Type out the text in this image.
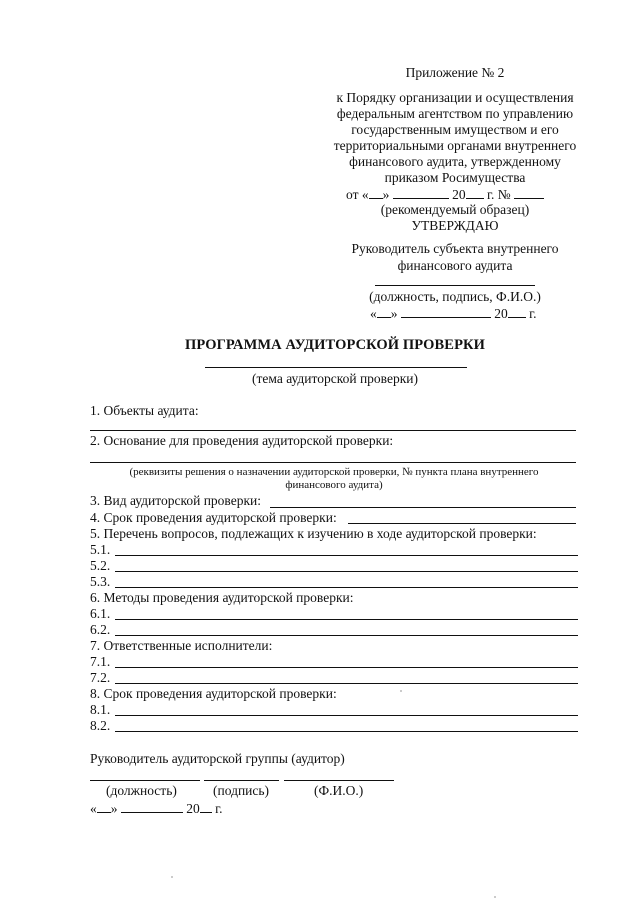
Приложение № 2
к Порядку организации и осуществления
федеральным агентством по управлению
государственным имуществом и его
территориальными органами внутреннего
финансового аудита, утвержденному
приказом Росимущества
от « »	20 г. №
(рекомендуемый образец)
УТВЕРЖДАЮ
Руководитель субъекта внутреннего
финансового аудита
(должность, подпись, Ф.И.О.)
« »	20 г.
ПРОГРАММА АУДИТОРСКОЙ ПРОВЕРКИ
(тема аудиторской проверки)
1. Объекты аудита:
2. Основание для проведения аудиторской проверки:
(реквизиты решения о назначении аудиторской проверки, № пункта плана внутреннего
финансового аудита)
3. Вид аудиторской проверки:
4. Срок проведения аудиторской проверки:
5. Перечень вопросов, подлежащих к изучению в ходе аудиторской проверки:
5.1.
5.2.
5.3.
6. Методы проведения аудиторской проверки:
6.1.
6.2.
7. Ответственные исполнители:
7.1.
7.2.
8. Срок проведения аудиторской проверки:
8.1.
8.2.
Руководитель аудиторской группы (аудитор)
(должность)	(подпись)	(Ф.И.О.)
« »	20 г.
